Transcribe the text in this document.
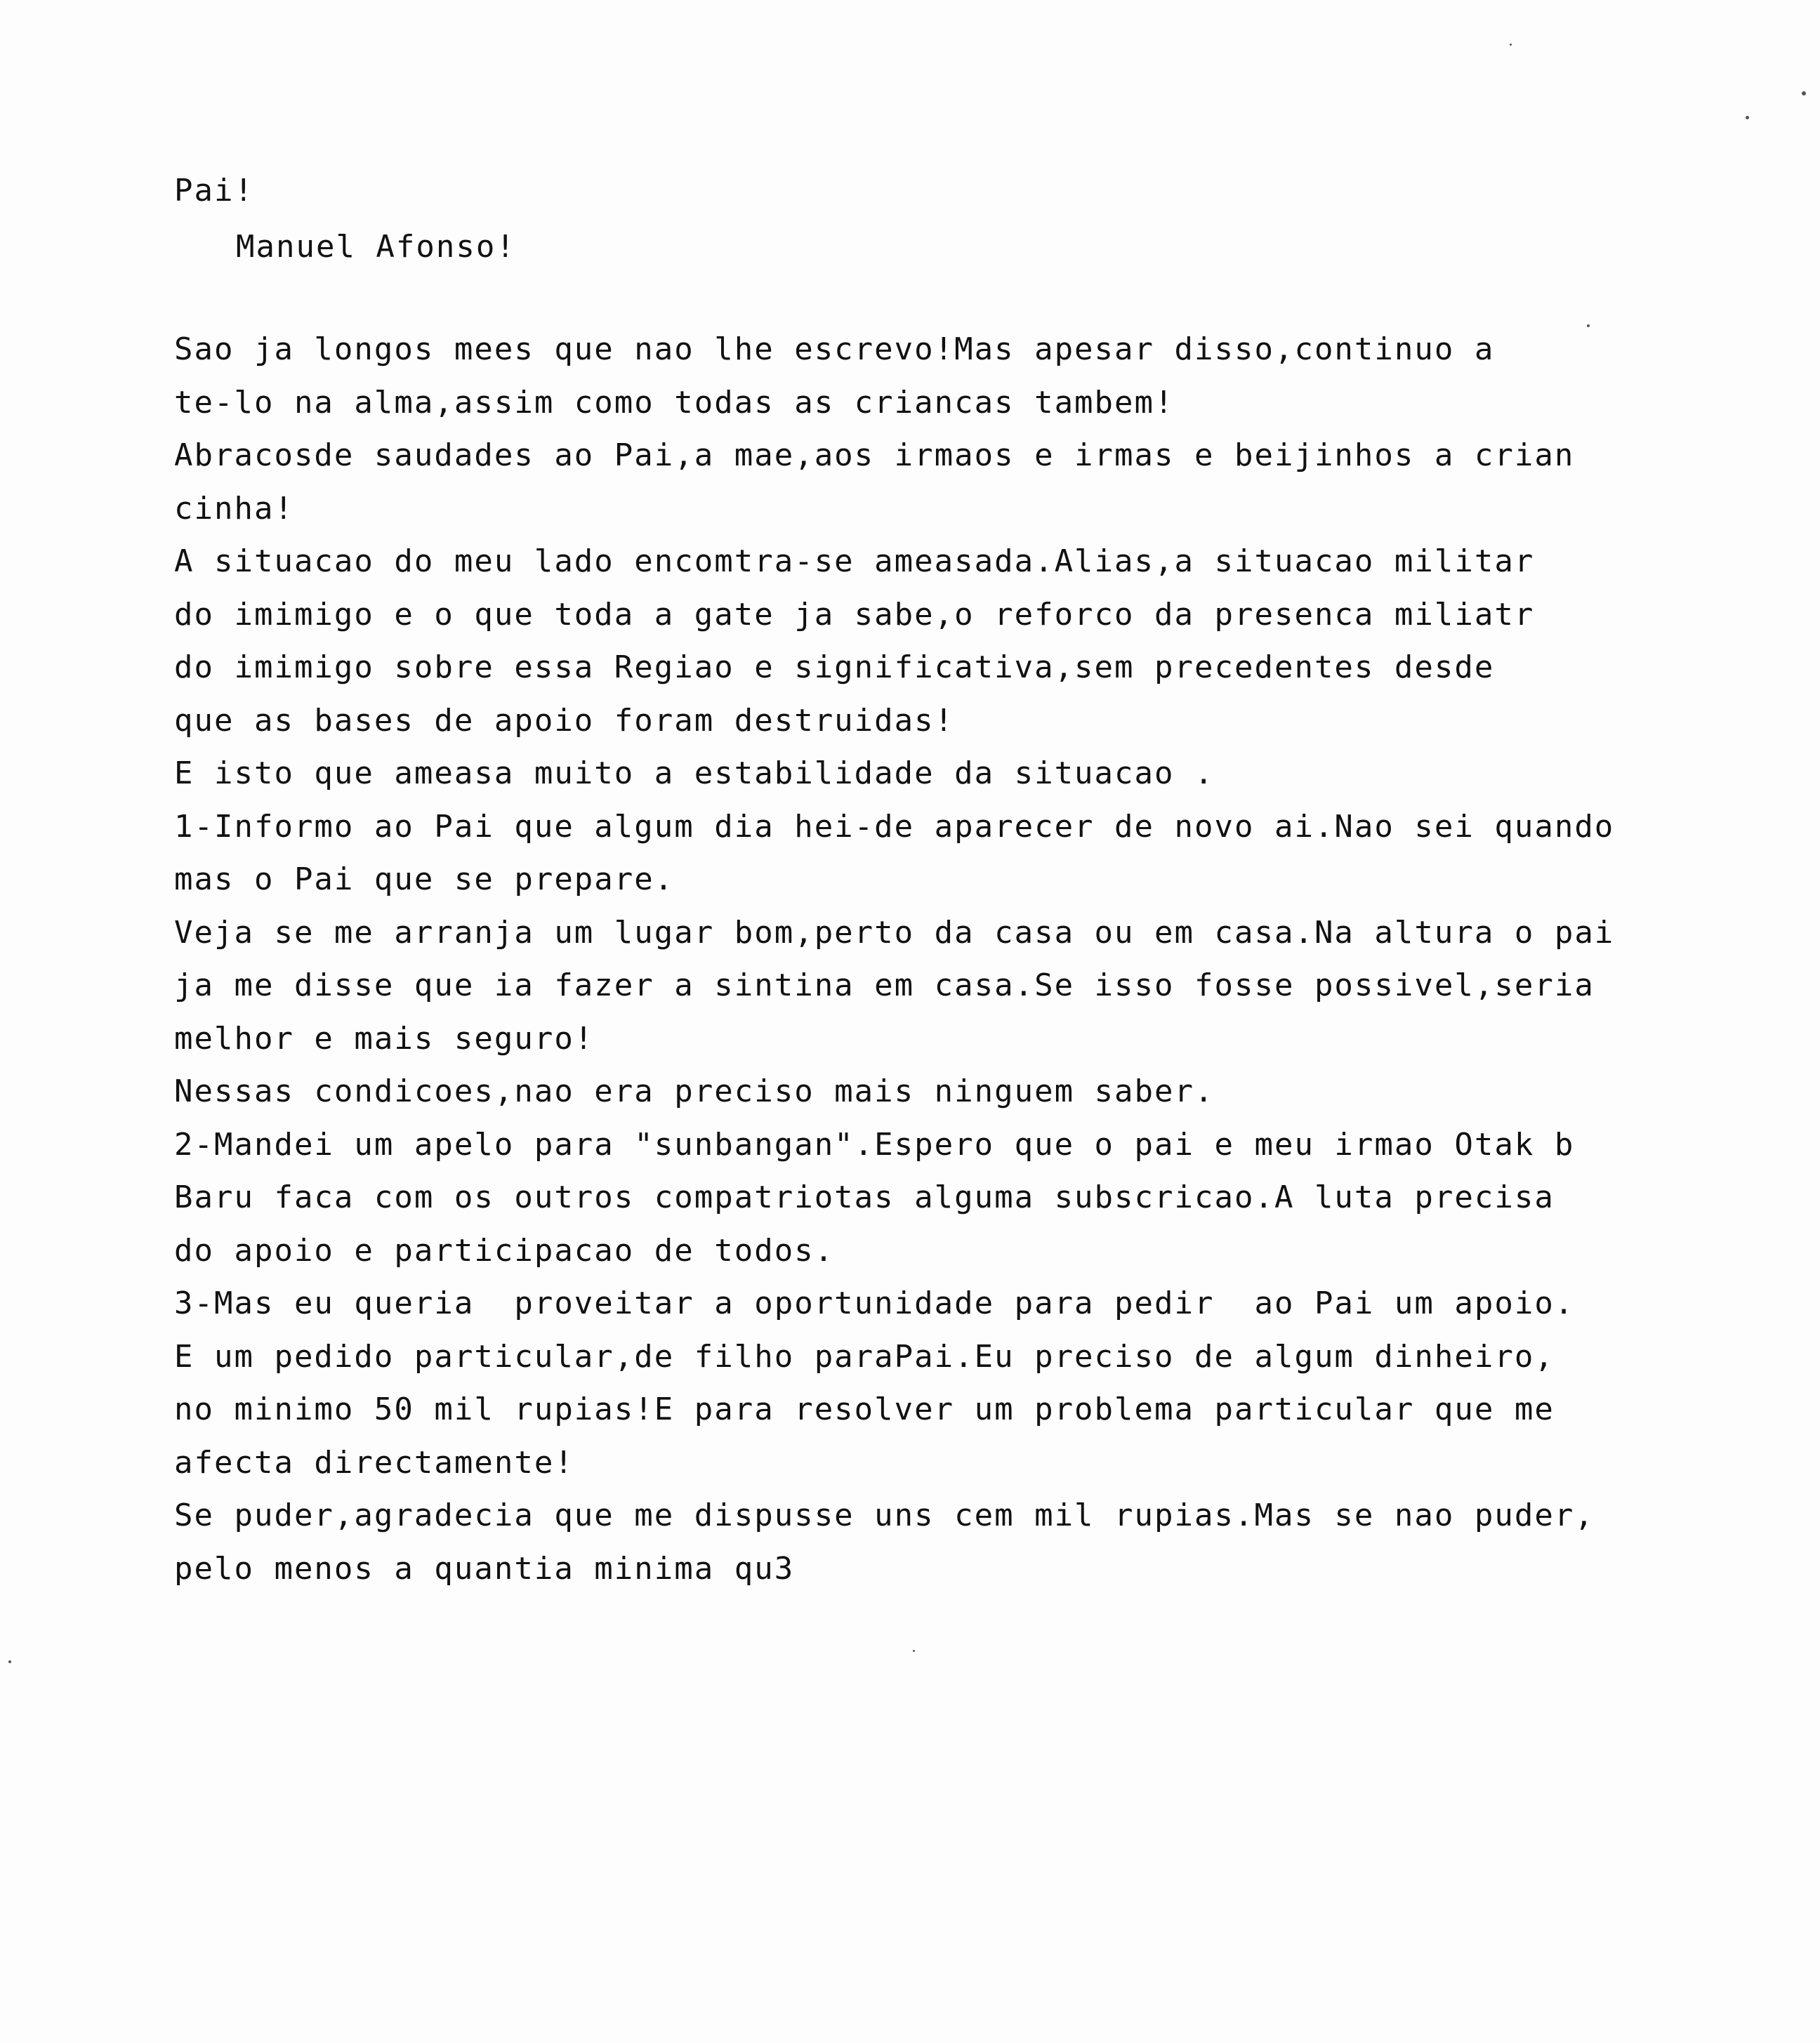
Pai!

Manuel Afonso!

Sao ja longos mees que nao lhe escrevo!Mas apesar disso,continuo a

te-lo na alma,assim como todas as criancas tambem!

Abracosde saudades ao Pai,a mae,aos irmaos e irmas e beijinhos a crian

cinha!

A situacao do meu lado encomtra-se ameasada.Alias,a situacao militar

do imimigo e o que toda a gate ja sabe,o reforco da presenca miliatr

do imimigo sobre essa Regiao e significativa,sem precedentes desde

que as bases de apoio foram destruidas!

E isto que ameasa muito a estabilidade da situacao .

1-Informo ao Pai que algum dia hei-de aparecer de novo ai.Nao sei quando

mas o Pai que se prepare.

Veja se me arranja um lugar bom,perto da casa ou em casa.Na altura o pai

ja me disse que ia fazer a sintina em casa.Se isso fosse possivel,seria

melhor e mais seguro!

Nessas condicoes,nao era preciso mais ninguem saber.

2-Mandei um apelo para "sunbangan".Espero que o pai e meu irmao Otak b

Baru faca com os outros compatriotas alguma subscricao.A luta precisa

do apoio e participacao de todos.

3-Mas eu queria  proveitar a oportunidade para pedir  ao Pai um apoio.

E um pedido particular,de filho paraPai.Eu preciso de algum dinheiro,

no minimo 50 mil rupias!E para resolver um problema particular que me

afecta directamente!

Se puder,agradecia que me dispusse uns cem mil rupias.Mas se nao puder,

pelo menos a quantia minima qu3
